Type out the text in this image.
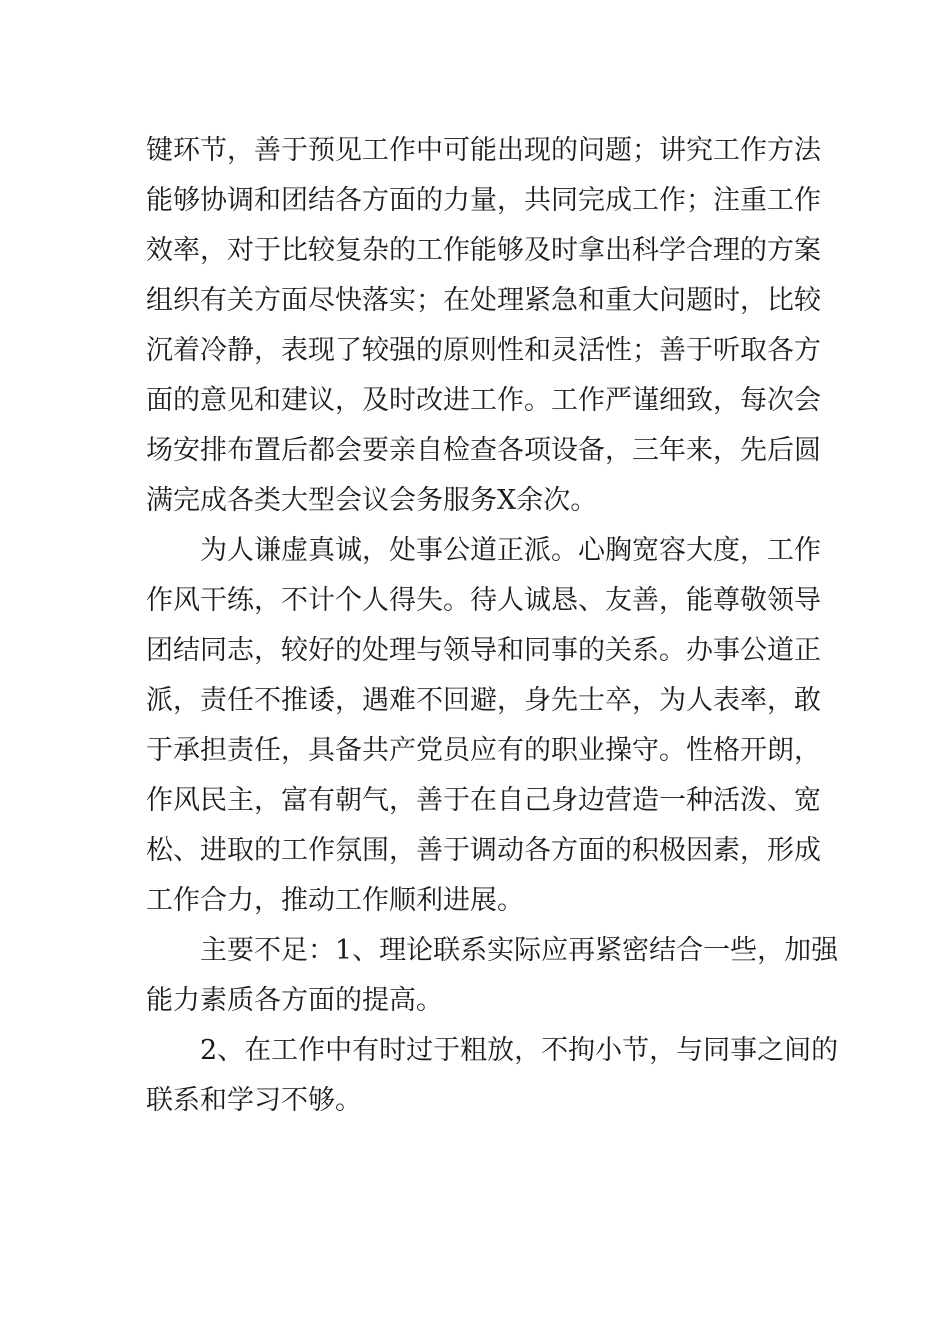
键环节，善于预见工作中可能出现的问题；讲究工作方法
能够协调和团结各方面的力量，共同完成工作；注重工作
效率，对于比较复杂的工作能够及时拿出科学合理的方案
组织有关方面尽快落实；在处理紧急和重大问题时，比较
沉着冷静，表现了较强的原则性和灵活性；善于听取各方
面的意见和建议，及时改进工作。工作严谨细致，每次会
场安排布置后都会要亲自检查各项设备，三年来，先后圆
满完成各类大型会议会务服务X余次。
为人谦虚真诚，处事公道正派。心胸宽容大度，工作
作风干练，不计个人得失。待人诚恳、友善，能尊敬领导
团结同志，较好的处理与领导和同事的关系。办事公道正
派，责任不推诿，遇难不回避，身先士卒，为人表率，敢
于承担责任，具备共产党员应有的职业操守。性格开朗，
作风民主，富有朝气，善于在自己身边营造一种活泼、宽
松、进取的工作氛围，善于调动各方面的积极因素，形成
工作合力，推动工作顺利进展。
主要不足：1、理论联系实际应再紧密结合一些，加强
能力素质各方面的提高。
2、在工作中有时过于粗放，不拘小节，与同事之间的
联系和学习不够。
